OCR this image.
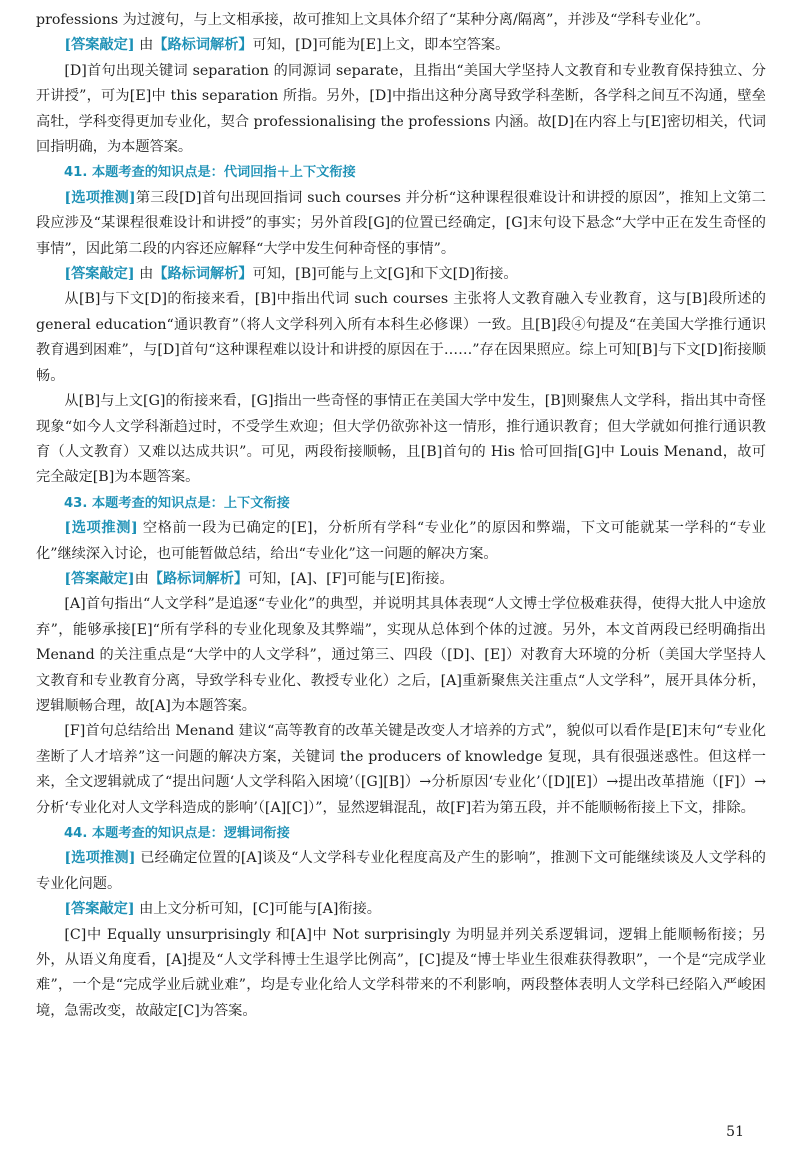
professions 为过渡句，与上文相承接，故可推知上文具体介绍了“某种分离/隔离”，并涉及“学科专业化”。

[答案敲定] 由【路标词解析】可知，[D]可能为[E]上文，即本空答案。

[D]首句出现关键词 separation 的同源词 separate，且指出“美国大学坚持人文教育和专业教育保持独立、分开讲授”，可为[E]中 this separation 所指。另外，[D]中指出这种分离导致学科垄断，各学科之间互不沟通，壁垒高牡，学科变得更加专业化，契合 professionalising the professions 内涵。故[D]在内容上与[E]密切相关，代词回指明确，为本题答案。

41. 本题考查的知识点是：代词回指＋上下文衔接

[选项推测]第三段[D]首句出现回指词 such courses 并分析“这种课程很难设计和讲授的原因”，推知上文第二段应涉及“某课程很难设计和讲授”的事实；另外首段[G]的位置已经确定，[G]末句设下悬念“大学中正在发生奇怪的事情”，因此第二段的内容还应解释“大学中发生何种奇怪的事情”。

[答案敲定] 由【路标词解析】可知，[B]可能与上文[G]和下文[D]衔接。

从[B]与下文[D]的衔接来看，[B]中指出代词 such courses 主张将人文教育融入专业教育，这与[B]段所述的 general education“通识教育”（将人文学科列入所有本科生必修课）一致。且[B]段④句提及“在美国大学推行通识教育遇到困难”，与[D]首句“这种课程难以设计和讲授的原因在于……”存在因果照应。综上可知[B]与下文[D]衔接顺畅。

从[B]与上文[G]的衔接来看，[G]指出一些奇怪的事情正在美国大学中发生，[B]则聚焦人文学科，指出其中奇怪现象“如今人文学科渐趋过时，不受学生欢迎；但大学仍欲弥补这一情形，推行通识教育；但大学就如何推行通识教育（人文教育）又难以达成共识”。可见，两段衔接顺畅，且[B]首句的 His 恰可回指[G]中 Louis Menand，故可完全敲定[B]为本题答案。

43. 本题考查的知识点是：上下文衔接

[选项推测] 空格前一段为已确定的[E]，分析所有学科“专业化”的原因和弊端，下文可能就某一学科的“专业化”继续深入讨论，也可能暂做总结，给出“专业化”这一问题的解决方案。

[答案敲定]由【路标词解析】可知，[A]、[F]可能与[E]衔接。

[A]首句指出“人文学科”是追逐“专业化”的典型，并说明其具体表现“人文博士学位极难获得，使得大批人中途放弃”，能够承接[E]“所有学科的专业化现象及其弊端”，实现从总体到个体的过渡。另外，本文首两段已经明确指出 Menand 的关注重点是“大学中的人文学科”，通过第三、四段（[D]、[E]）对教育大环境的分析（美国大学坚持人文教育和专业教育分离，导致学科专业化、教授专业化）之后，[A]重新聚焦关注重点“人文学科”，展开具体分析，逻辑顺畅合理，故[A]为本题答案。

[F]首句总结给出 Menand 建议“高等教育的改革关键是改变人才培养的方式”，貌似可以看作是[E]末句“专业化垄断了人才培养”这一问题的解决方案，关键词 the producers of knowledge 复现，具有很强迷惑性。但这样一来，全文逻辑就成了“提出问题‘人文学科陷入困境’（[G][B]）→分析原因‘专业化’（[D][E]）→提出改革措施（[F]）→分析‘专业化对人文学科造成的影响’（[A][C]）”，显然逻辑混乱，故[F]若为第五段，并不能顺畅衔接上下文，排除。

44. 本题考查的知识点是：逻辑词衔接

[选项推测] 已经确定位置的[A]谈及“人文学科专业化程度高及产生的影响”，推测下文可能继续谈及人文学科的专业化问题。

[答案敲定] 由上文分析可知，[C]可能与[A]衔接。

[C]中 Equally unsurprisingly 和[A]中 Not surprisingly 为明显并列关系逻辑词，逻辑上能顺畅衔接；另外，从语义角度看，[A]提及“人文学科博士生退学比例高”，[C]提及“博士毕业生很难获得教职”，一个是“完成学业难”，一个是“完成学业后就业难”，均是专业化给人文学科带来的不利影响，两段整体表明人文学科已经陷入严峻困境，急需改变，故敲定[C]为答案。

51
